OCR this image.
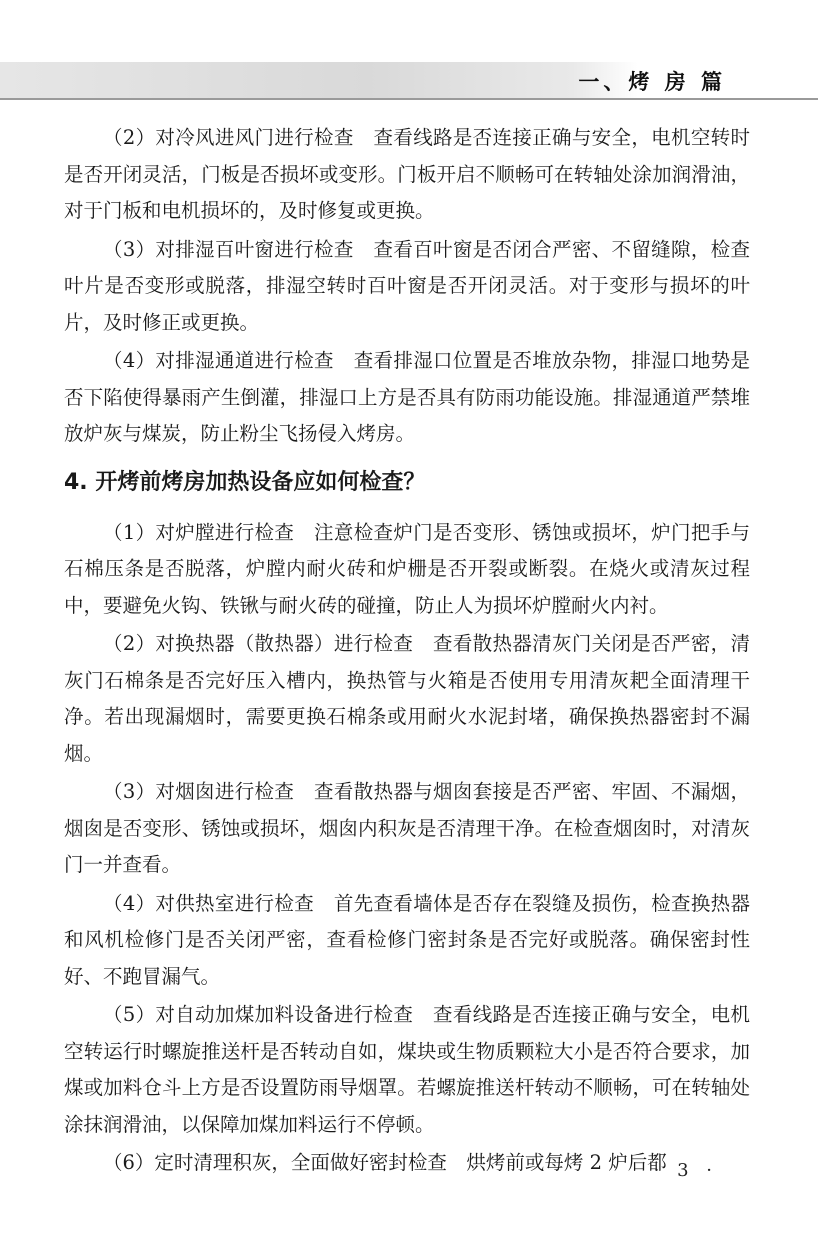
一、烤 房 篇

（2）对冷风进风门进行检查　查看线路是否连接正确与安全，电机空转时是否开闭灵活，门板是否损坏或变形。门板开启不顺畅可在转轴处涂加润滑油，对于门板和电机损坏的，及时修复或更换。

（3）对排湿百叶窗进行检查　查看百叶窗是否闭合严密、不留缝隙，检查叶片是否变形或脱落，排湿空转时百叶窗是否开闭灵活。对于变形与损坏的叶片，及时修正或更换。

（4）对排湿通道进行检查　查看排湿口位置是否堆放杂物，排湿口地势是否下陷使得暴雨产生倒灌，排湿口上方是否具有防雨功能设施。排湿通道严禁堆放炉灰与煤炭，防止粉尘飞扬侵入烤房。

4. 开烤前烤房加热设备应如何检查？

（1）对炉膛进行检查　注意检查炉门是否变形、锈蚀或损坏，炉门把手与石棉压条是否脱落，炉膛内耐火砖和炉栅是否开裂或断裂。在烧火或清灰过程中，要避免火钩、铁锹与耐火砖的碰撞，防止人为损坏炉膛耐火内衬。

（2）对换热器（散热器）进行检查　查看散热器清灰门关闭是否严密，清灰门石棉条是否完好压入槽内，换热管与火箱是否使用专用清灰耙全面清理干净。若出现漏烟时，需要更换石棉条或用耐火水泥封堵，确保换热器密封不漏烟。

（3）对烟囱进行检查　查看散热器与烟囱套接是否严密、牢固、不漏烟，烟囱是否变形、锈蚀或损坏，烟囱内积灰是否清理干净。在检查烟囱时，对清灰门一并查看。

（4）对供热室进行检查　首先查看墙体是否存在裂缝及损伤，检查换热器和风机检修门是否关闭严密，查看检修门密封条是否完好或脱落。确保密封性好、不跑冒漏气。

（5）对自动加煤加料设备进行检查　查看线路是否连接正确与安全，电机空转运行时螺旋推送杆是否转动自如，煤块或生物质颗粒大小是否符合要求，加煤或加料仓斗上方是否设置防雨导烟罩。若螺旋推送杆转动不顺畅，可在转轴处涂抹润滑油，以保障加煤加料运行不停顿。

（6）定时清理积灰，全面做好密封检查　烘烤前或每烤 2 炉后都

· 3 ·
